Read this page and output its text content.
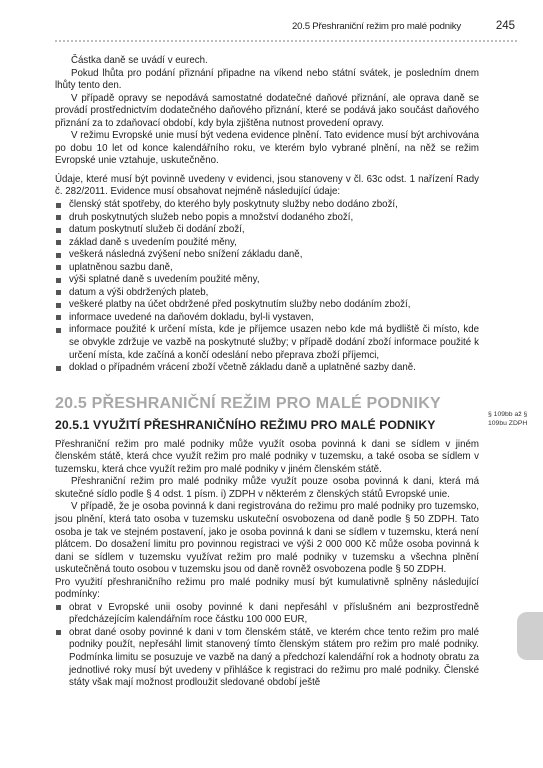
20.5 Přeshraniční režim pro malé podniky	245

Částka daně se uvádí v eurech.

Pokud lhůta pro podání přiznání připadne na víkend nebo státní svátek, je posledním dnem lhůty tento den.

V případě opravy se nepodává samostatné dodatečné daňové přiznání, ale oprava daně se provádí prostřednictvím dodatečného daňového přiznání, které se podává jako součást daňového přiznání za to zdaňovací období, kdy byla zjištěna nutnost provedení opravy.

V režimu Evropské unie musí být vedena evidence plnění. Tato evidence musí být archivována po dobu 10 let od konce kalendářního roku, ve kterém bylo vybrané plnění, na něž se režim Evropské unie vztahuje, uskutečněno.

Údaje, které musí být povinně uvedeny v evidenci, jsou stanoveny v čl. 63c odst. 1 nařízení Rady č. 282/2011. Evidence musí obsahovat nejméně následující údaje:

členský stát spotřeby, do kterého byly poskytnuty služby nebo dodáno zboží,
druh poskytnutých služeb nebo popis a množství dodaného zboží,
datum poskytnutí služeb či dodání zboží,
základ daně s uvedením použité měny,
veškerá následná zvýšení nebo snížení základu daně,
uplatněnou sazbu daně,
výši splatné daně s uvedením použité měny,
datum a výši obdržených plateb,
veškeré platby na účet obdržené před poskytnutím služby nebo dodáním zboží,
informace uvedené na daňovém dokladu, byl-li vystaven,
informace použité k určení místa, kde je příjemce usazen nebo kde má bydliště či místo, kde se obvykle zdržuje ve vazbě na poskytnuté služby; v případě dodání zboží informace použité k určení místa, kde začíná a končí odeslání nebo přeprava zboží příjemci,
doklad o případném vrácení zboží včetně základu daně a uplatněné sazby daně.
20.5 PŘESHRANIČNÍ REŽIM PRO MALÉ PODNIKY
20.5.1 VYUŽITÍ PŘESHRANIČNÍHO REŽIMU PRO MALÉ PODNIKY

Přeshraniční režim pro malé podniky může využít osoba povinná k dani se sídlem v jiném členském státě, která chce využít režim pro malé podniky v tuzemsku, a také osoba se sídlem v tuzemsku, která chce využít režim pro malé podniky v jiném členském státě.

Přeshraniční režim pro malé podniky může využít pouze osoba povinná k dani, která má skutečné sídlo podle § 4 odst. 1 písm. i) ZDPH v některém z členských států Evropské unie.

V případě, že je osoba povinná k dani registrována do režimu pro malé podniky pro tuzemsko, jsou plnění, která tato osoba v tuzemsku uskuteční osvobozena od daně podle § 50 ZDPH. Tato osoba je tak ve stejném postavení, jako je osoba povinná k dani se sídlem v tuzemsku, která není plátcem. Do dosažení limitu pro povinnou registraci ve výši 2 000 000 Kč může osoba povinná k dani se sídlem v tuzemsku využívat režim pro malé podniky v tuzemsku a všechna plnění uskutečněná touto osobou v tuzemsku jsou od daně rovněž osvobozena podle § 50 ZDPH.

Pro využití přeshraničního režimu pro malé podniky musí být kumulativně splněny následující podmínky:

obrat v Evropské unii osoby povinné k dani nepřesáhl v příslušném ani bezprostředně předcházejícím kalendářním roce částku 100 000 EUR,
obrat dané osoby povinné k dani v tom členském státě, ve kterém chce tento režim pro malé podniky použít, nepřesáhl limit stanovený tímto členským státem pro režim pro malé podniky. Podmínka limitu se posuzuje ve vazbě na daný a předchozí kalendářní rok a hodnoty obratu za jednotlivé roky musí být uvedeny v přihlášce k registraci do režimu pro malé podniky. Členské státy však mají možnost prodloužit sledované období ještě
§ 109bb až § 109bu ZDPH
